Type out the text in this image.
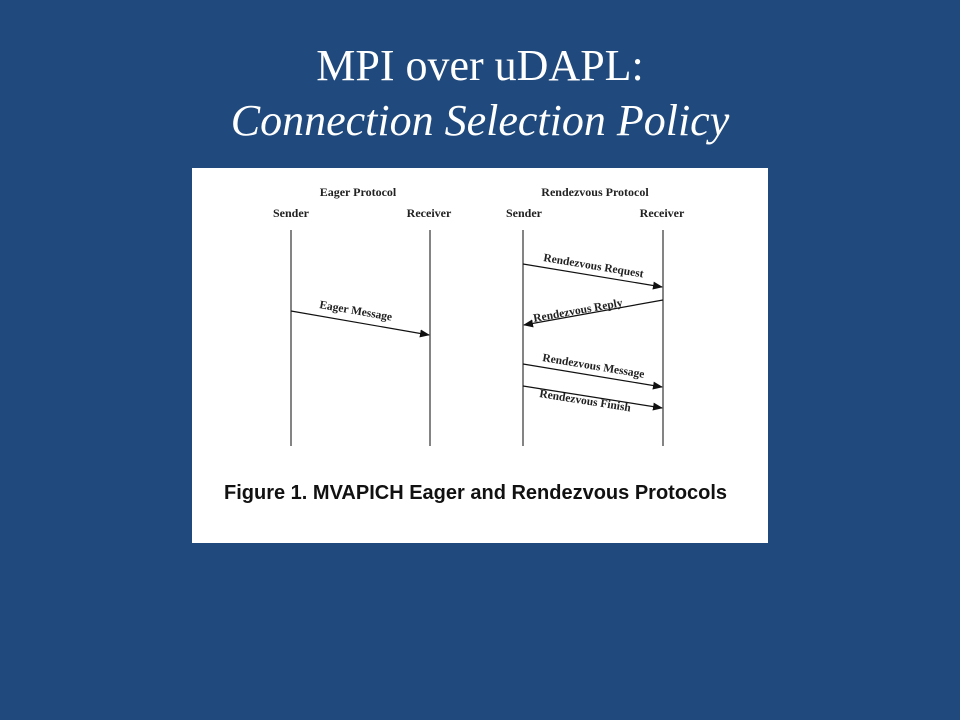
MPI over uDAPL:
Connection Selection Policy
Eager Protocol
Sender	Receiver
Rendezvous Protocol
Sender	Receiver
Eager Message
Rendezvous Request
Rendezvous Reply
Rendezvous Message
Rendezvous Finish
Figure 1. MVAPICH Eager and Rendezvous Protocols
